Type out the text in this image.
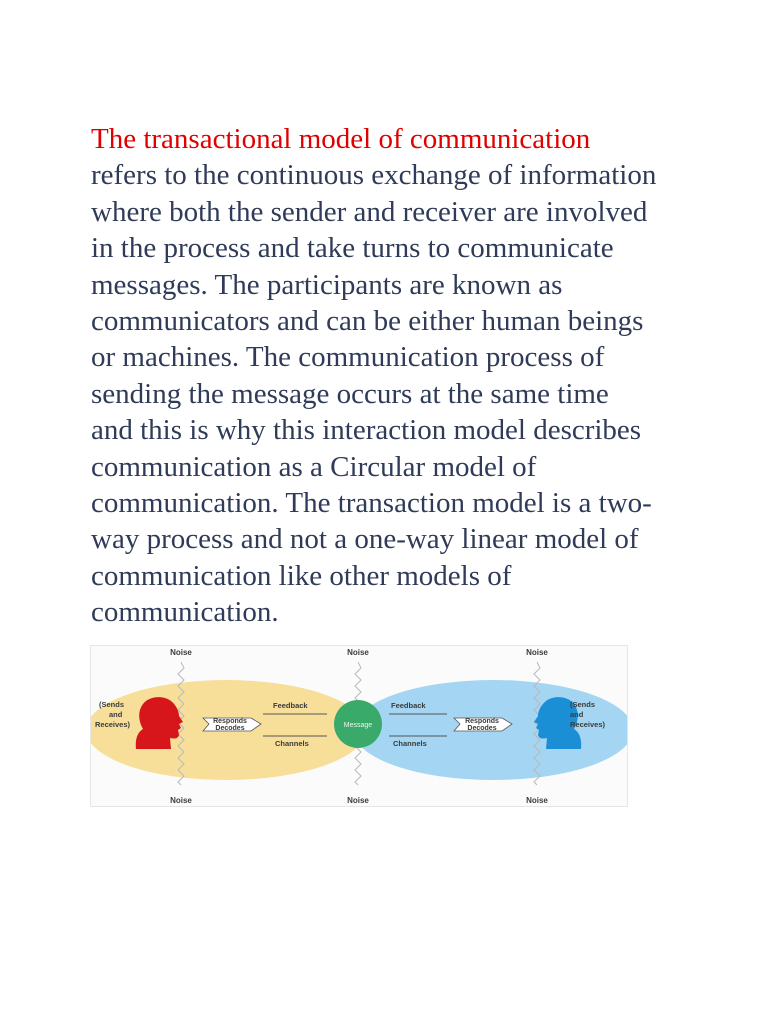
The transactional model of communication
refers to the continuous exchange of information
where both the sender and receiver are involved
in the process and take turns to communicate
messages. The participants are known as
communicators and can be either human beings
or machines. The communication process of
sending the message occurs at the same time
and this is why this interaction model describes
communication as a Circular model of
communication. The transaction model is a two-
way process and not a one-way linear model of
communication like other models of
communication.
Noise	Noise	Noise
Noise	Noise	Noise
Message
(Sends and Receives)
(Sends and Receives)
Responds
Decodes
Responds
Decodes
Feedback
Channels
Feedback
Channels
